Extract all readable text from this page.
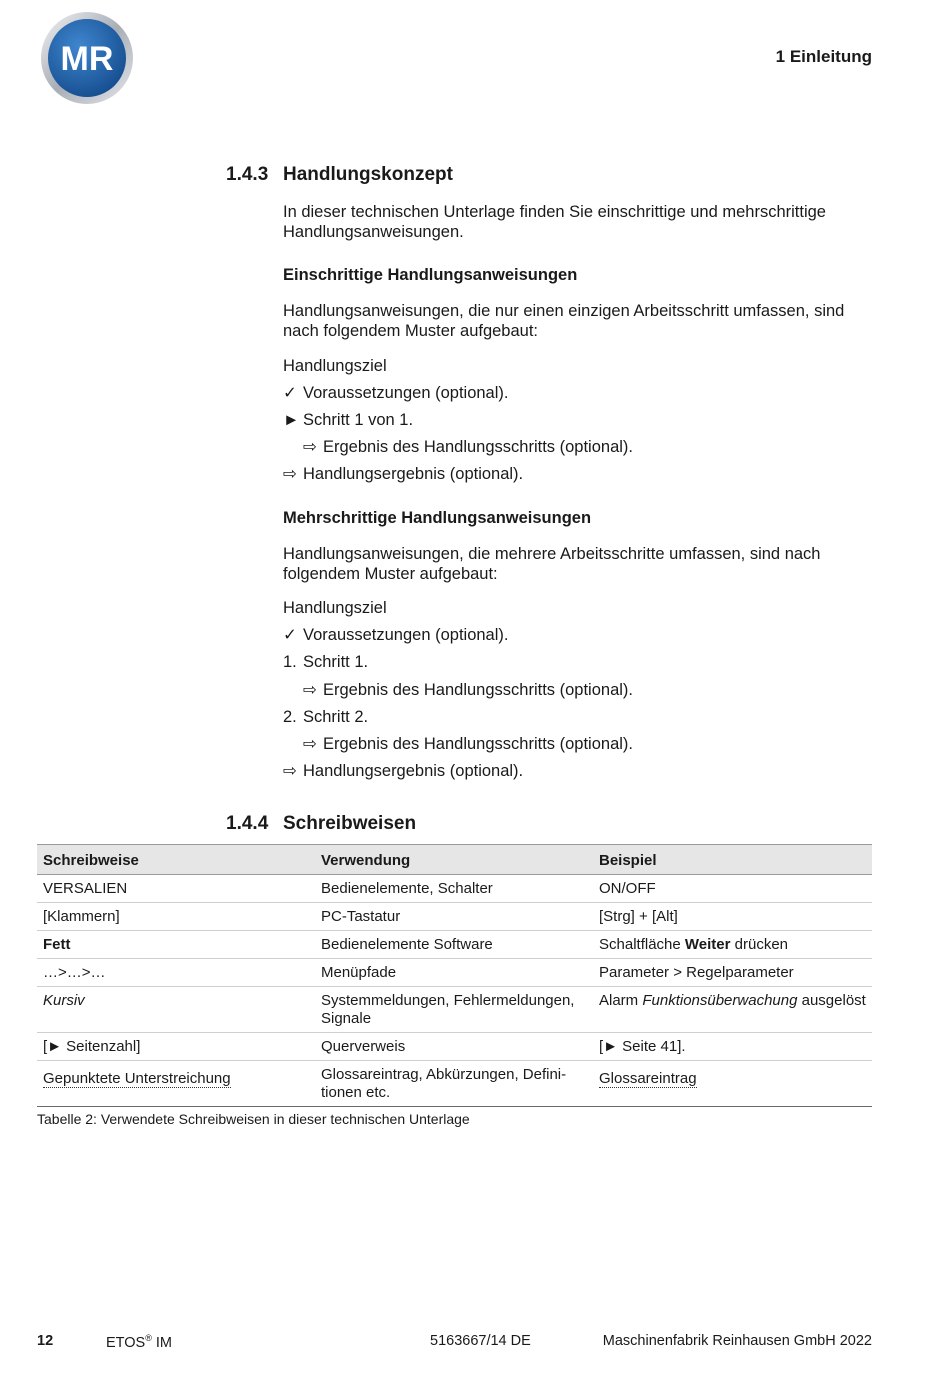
MR	1 Einleitung
1.4.3 Handlungskonzept
In dieser technischen Unterlage finden Sie einschrittige und mehrschrittige Handlungsanweisungen.
Einschrittige Handlungsanweisungen
Handlungsanweisungen, die nur einen einzigen Arbeitsschritt umfassen, sind nach folgendem Muster aufgebaut:
Handlungsziel
✓ Voraussetzungen (optional).
► Schritt 1 von 1.
⇨ Ergebnis des Handlungsschritts (optional).
⇨ Handlungsergebnis (optional).
Mehrschrittige Handlungsanweisungen
Handlungsanweisungen, die mehrere Arbeitsschritte umfassen, sind nach folgendem Muster aufgebaut:
Handlungsziel
✓ Voraussetzungen (optional).
1. Schritt 1.
⇨ Ergebnis des Handlungsschritts (optional).
2. Schritt 2.
⇨ Ergebnis des Handlungsschritts (optional).
⇨ Handlungsergebnis (optional).
1.4.4 Schreibweisen
Schreibweise	Verwendung	Beispiel
VERSALIEN	Bedienelemente, Schalter	ON/OFF
[Klammern]	PC-Tastatur	[Strg] + [Alt]
Fett	Bedienelemente Software	Schaltfläche Weiter drücken
…>…>…	Menüpfade	Parameter > Regelparameter
Kursiv	Systemmeldungen, Fehlermeldungen, Signale	Alarm Funktionsüberwachung ausgelöst
[► Seitenzahl]	Querverweis	[► Seite 41].
Gepunktete Unterstreichung	Glossareintrag, Abkürzungen, Definitionen etc.	Glossareintrag
Tabelle 2: Verwendete Schreibweisen in dieser technischen Unterlage
12	ETOS® IM	5163667/14 DE	Maschinenfabrik Reinhausen GmbH 2022
